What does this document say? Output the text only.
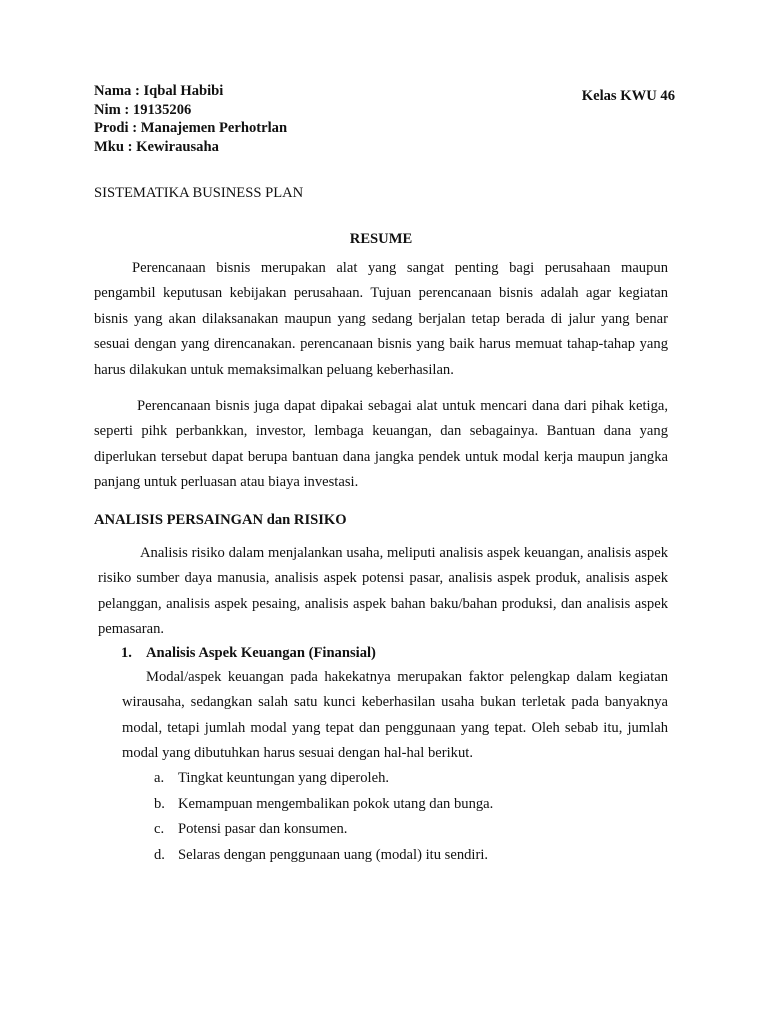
Nama : Iqbal Habibi
Nim : 19135206
Prodi : Manajemen Perhotrlan
Mku : Kewirausaha
Kelas KWU 46
SISTEMATIKA BUSINESS PLAN
RESUME

Perencanaan bisnis merupakan alat yang sangat penting bagi perusahaan maupun pengambil keputusan kebijakan perusahaan. Tujuan perencanaan bisnis adalah agar kegiatan bisnis yang akan dilaksanakan maupun yang sedang berjalan tetap berada di jalur yang benar sesuai dengan yang direncanakan. perencanaan bisnis yang baik harus memuat tahap-tahap yang harus dilakukan untuk memaksimalkan peluang keberhasilan.

Perencanaan bisnis juga dapat dipakai sebagai alat untuk mencari dana dari pihak ketiga, seperti pihk perbankkan, investor, lembaga keuangan, dan sebagainya. Bantuan dana yang diperlukan tersebut dapat berupa bantuan dana jangka pendek untuk modal kerja maupun jangka panjang untuk perluasan atau biaya investasi.

ANALISIS PERSAINGAN dan RISIKO

Analisis risiko dalam menjalankan usaha, meliputi analisis aspek keuangan, analisis aspek risiko sumber daya manusia, analisis aspek potensi pasar, analisis aspek produk, analisis aspek pelanggan, analisis aspek pesaing, analisis aspek bahan baku/bahan produksi, dan analisis aspek pemasaran.

1. Analisis Aspek Keuangan (Finansial)

Modal/aspek keuangan pada hakekatnya merupakan faktor pelengkap dalam kegiatan wirausaha, sedangkan salah satu kunci keberhasilan usaha bukan terletak pada banyaknya modal, tetapi jumlah modal yang tepat dan penggunaan yang tepat. Oleh sebab itu, jumlah modal yang dibutuhkan harus sesuai dengan hal-hal berikut.

a. Tingkat keuntungan yang diperoleh.
b. Kemampuan mengembalikan pokok utang dan bunga.
c. Potensi pasar dan konsumen.
d. Selaras dengan penggunaan uang (modal) itu sendiri.
